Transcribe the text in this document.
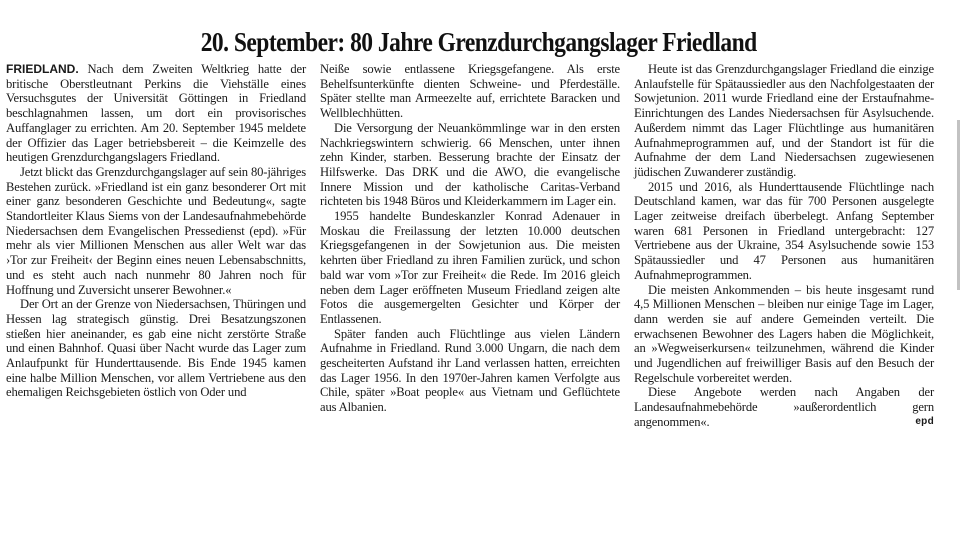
20. September: 80 Jahre Grenzdurchgangslager Friedland

FRIEDLAND. Nach dem Zweiten Weltkrieg hatte der britische Oberstleutnant Perkins die Viehställe eines Versuchsgutes der Universität Göttingen in Friedland beschlagnahmen lassen, um dort ein provisorisches Auffanglager zu errichten. Am 20. September 1945 meldete der Offizier das Lager betriebsbereit – die Keimzelle des heutigen Grenzdurchgangslagers Friedland.

Jetzt blickt das Grenzdurchgangslager auf sein 80-jähriges Bestehen zurück. »Friedland ist ein ganz besonderer Ort mit einer ganz besonderen Geschichte und Bedeutung«, sagte Standortleiter Klaus Siems von der Landesaufnahmebehörde Niedersachsen dem Evangelischen Pressedienst (epd). »Für mehr als vier Millionen Menschen aus aller Welt war das ›Tor zur Freiheit‹ der Beginn eines neuen Lebensabschnitts, und es steht auch nach nunmehr 80 Jahren noch für Hoffnung und Zuversicht unserer Bewohner.«

Der Ort an der Grenze von Niedersachsen, Thüringen und Hessen lag strategisch günstig. Drei Besatzungszonen stießen hier aneinander, es gab eine nicht zerstörte Straße und einen Bahnhof. Quasi über Nacht wurde das Lager zum Anlaufpunkt für Hunderttausende. Bis Ende 1945 kamen eine halbe Million Menschen, vor allem Vertriebene aus den ehemaligen Reichsgebieten östlich von Oder und

Neiße sowie entlassene Kriegsgefangene. Als erste Behelfsunterkünfte dienten Schweine- und Pferdeställe. Später stellte man Armeezelte auf, errichtete Baracken und Wellblechhütten.

Die Versorgung der Neuankömmlinge war in den ersten Nachkriegswintern schwierig. 66 Menschen, unter ihnen zehn Kinder, starben. Besserung brachte der Einsatz der Hilfswerke. Das DRK und die AWO, die evangelische Innere Mission und der katholische Caritas-Verband richteten bis 1948 Büros und Kleiderkammern im Lager ein.

1955 handelte Bundeskanzler Konrad Adenauer in Moskau die Freilassung der letzten 10.000 deutschen Kriegsgefangenen in der Sowjetunion aus. Die meisten kehrten über Friedland zu ihren Familien zurück, und schon bald war vom »Tor zur Freiheit« die Rede. Im 2016 gleich neben dem Lager eröffneten Museum Friedland zeigen alte Fotos die ausgemergelten Gesichter und Körper der Entlassenen.

Später fanden auch Flüchtlinge aus vielen Ländern Aufnahme in Friedland. Rund 3.000 Ungarn, die nach dem gescheiterten Aufstand ihr Land verlassen hatten, erreichten das Lager 1956. In den 1970er-Jahren kamen Verfolgte aus Chile, später »Boat people« aus Vietnam und Geflüchtete aus Albanien.

Heute ist das Grenzdurchgangslager Friedland die einzige Anlaufstelle für Spätaussiedler aus den Nachfolgestaaten der Sowjetunion. 2011 wurde Friedland eine der Erstaufnahme-Einrichtungen des Landes Niedersachsen für Asylsuchende. Außerdem nimmt das Lager Flüchtlinge aus humanitären Aufnahmeprogrammen auf, und der Standort ist für die Aufnahme der dem Land Niedersachsen zugewiesenen jüdischen Zuwanderer zuständig.

2015 und 2016, als Hunderttausende Flüchtlinge nach Deutschland kamen, war das für 700 Personen ausgelegte Lager zeitweise dreifach überbelegt. Anfang September waren 681 Personen in Friedland untergebracht: 127 Vertriebene aus der Ukraine, 354 Asylsuchende sowie 153 Spätaussiedler und 47 Personen aus humanitären Aufnahmeprogrammen.

Die meisten Ankommenden – bis heute insgesamt rund 4,5 Millionen Menschen – bleiben nur einige Tage im Lager, dann werden sie auf andere Gemeinden verteilt. Die erwachsenen Bewohner des Lagers haben die Möglichkeit, an »Wegweiserkursen« teilzunehmen, während die Kinder und Jugendlichen auf freiwilliger Basis auf den Besuch der Regelschule vorbereitet werden.

Diese Angebote werden nach Angaben der Landesaufnahmebehörde »außerordentlich gern angenommen«.	epd
